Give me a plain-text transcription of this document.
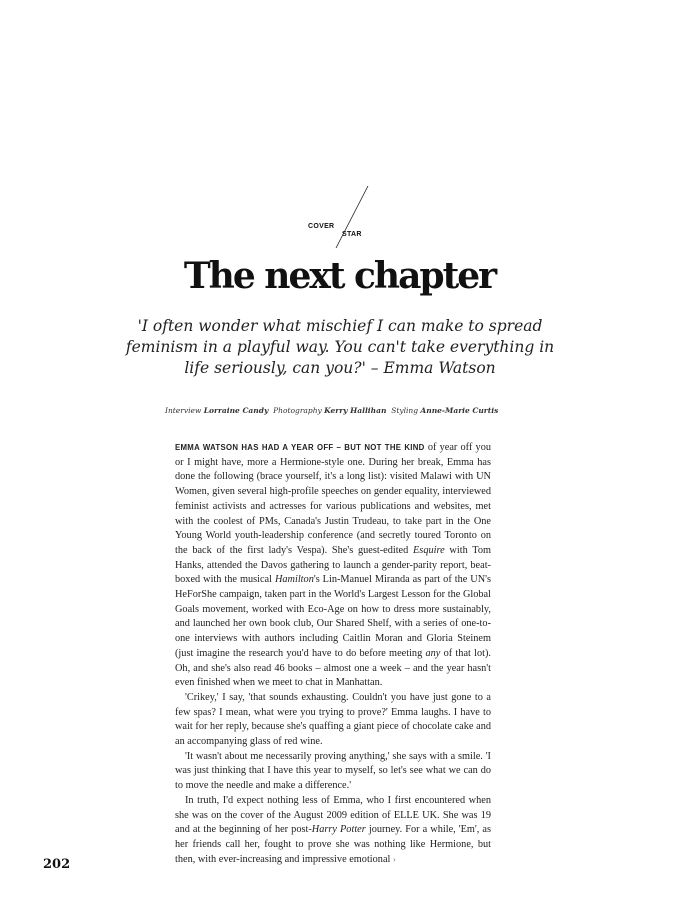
COVER
STAR
The next chapter
'I often wonder what mischief I can make to spread feminism in a playful way. You can't take everything in life seriously, can you?' – Emma Watson
Interview Lorraine Candy Photography Kerry Hallihan Styling Anne-Marie Curtis

EMMA WATSON HAS HAD A YEAR OFF – BUT NOT THE KIND of year off you or I might have, more a Hermione-style one. During her break, Emma has done the following (brace yourself, it's a long list): visited Malawi with UN Women, given several high-profile speeches on gender equality, interviewed feminist activists and actresses for various publications and websites, met with the coolest of PMs, Canada's Justin Trudeau, to take part in the One Young World youth-leadership conference (and secretly toured Toronto on the back of the first lady's Vespa). She's guest-edited Esquire with Tom Hanks, attended the Davos gathering to launch a gender-parity report, beat-boxed with the musical Hamilton's Lin-Manuel Miranda as part of the UN's HeForShe campaign, taken part in the World's Largest Lesson for the Global Goals movement, worked with Eco-Age on how to dress more sustainably, and launched her own book club, Our Shared Shelf, with a series of one-to-one interviews with authors including Caitlin Moran and Gloria Steinem (just imagine the research you'd have to do before meeting any of that lot). Oh, and she's also read 46 books – almost one a week – and the year hasn't even finished when we meet to chat in Manhattan.

'Crikey,' I say, 'that sounds exhausting. Couldn't you have just gone to a few spas? I mean, what were you trying to prove?' Emma laughs. I have to wait for her reply, because she's quaffing a giant piece of chocolate cake and an accompanying glass of red wine.

'It wasn't about me necessarily proving anything,' she says with a smile. 'I was just thinking that I have this year to myself, so let's see what we can do to move the needle and make a difference.'

In truth, I'd expect nothing less of Emma, who I first encountered when she was on the cover of the August 2009 edition of ELLE UK. She was 19 and at the beginning of her post-Harry Potter journey. For a while, 'Em', as her friends call her, fought to prove she was nothing like Hermione, but then, with ever-increasing and impressive emotional ›

202
